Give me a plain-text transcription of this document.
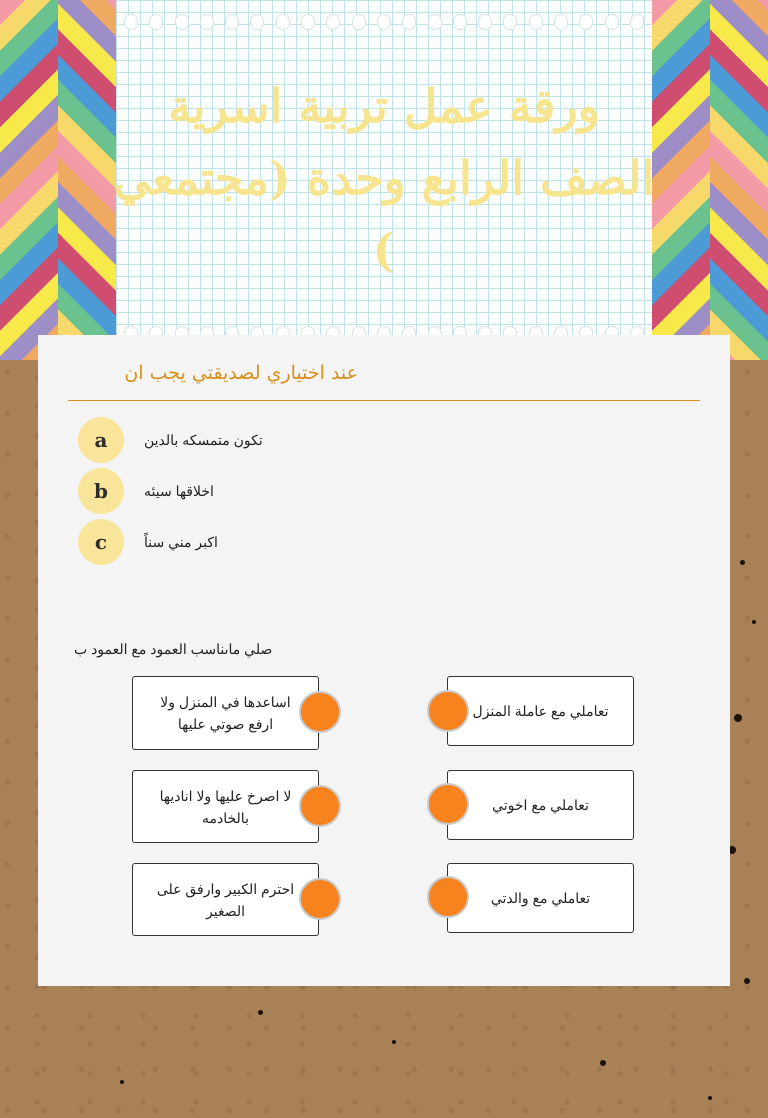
ورقة عمل تربية اسرية
الصف الرابع وحدة (مجتمعي
)
عند اختياري لصديقتي يجب ان
a	تكون متمسكه بالدين
b	اخلاقها سيئه
c	اكبر مني سناً
صلي ماىناسب العمود مع العمود ب
اساعدها في المنزل ولا ارفع صوتي عليها
لا اصرخ عليها ولا اناديها بالخادمه
احترم الكبير وارفق على الصغير
تعاملي مع عاملة المنزل
تعاملي مع اخوتي
تعاملي مع والدتي
